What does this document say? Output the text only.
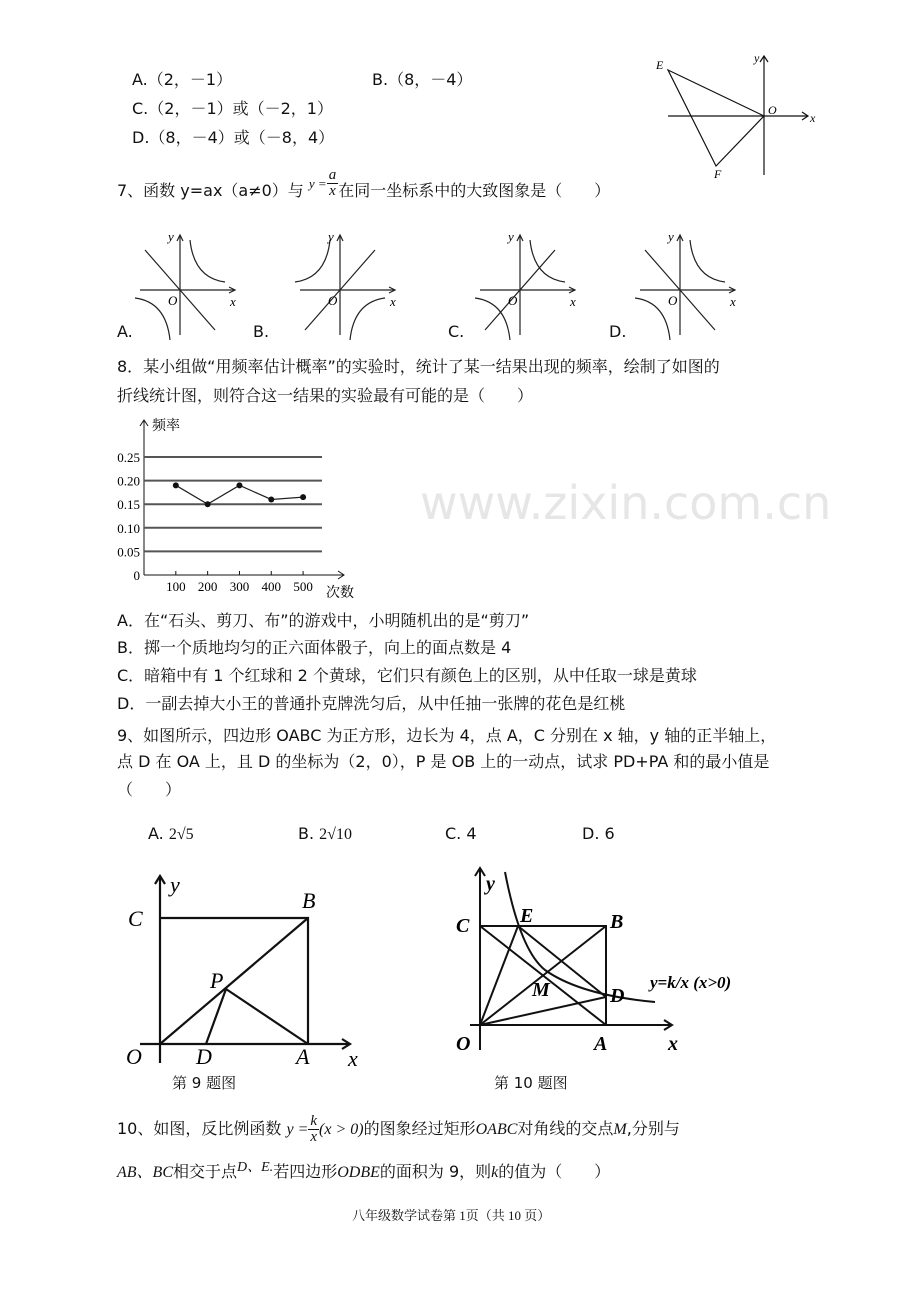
www.zixin.com.cn
A.（2，－1）	B.（8，－4）
C.（2，－1）或（－2，1）
D.（8，－4）或（－8，4）
E
F
O
x
y
7、函数 y=ax（a≠0）与 $^{y =} \frac{a}{x}$ 在同一坐标系中的大致图象是（　　）
O	x
y
O	x
y
O	x
y
O	x
y
A.	B.	C.	D.
8．某小组做“用频率估计概率”的实验时，统计了某一结果出现的频率，绘制了如图的
折线统计图，则符合这一结果的实验最有可能的是（　　）
0
0.05
0.10
0.15
0.20
0.25
100 200 300 400 500
频率
次数
A．在“石头、剪刀、布”的游戏中，小明随机出的是“剪刀”
B．掷一个质地均匀的正六面体骰子，向上的面点数是 4
C．暗箱中有 1 个红球和 2 个黄球，它们只有颜色上的区别，从中任取一球是黄球
D．一副去掉大小王的普通扑克牌洗匀后，从中任抽一张牌的花色是红桃
9、如图所示，四边形 OABC 为正方形，边长为 4，点 A，C 分别在 x 轴，y 轴的正半轴上，
点 D 在 OA 上，且 D 的坐标为（2，0），P 是 OB 上的一动点，试求 PD+PA 和的最小值是
（　　）
A. 2√5	B. 2√10	C. 4	D. 6
C
B
P
O D	A x
y
第 9 题图
C	E	B
D
M
O	A	x
y
y=k/x (x>0)
第 10 题图
10、如图，反比例函数 $y = \frac{k}{x} (x > 0)$的图象经过矩形OABC对角线的交点M,分别与
AB、BC相交于点D、E.若四边形ODBE的面积为 9，则k的值为（　　）
八年级数学试卷第 1页（共 10 页）
